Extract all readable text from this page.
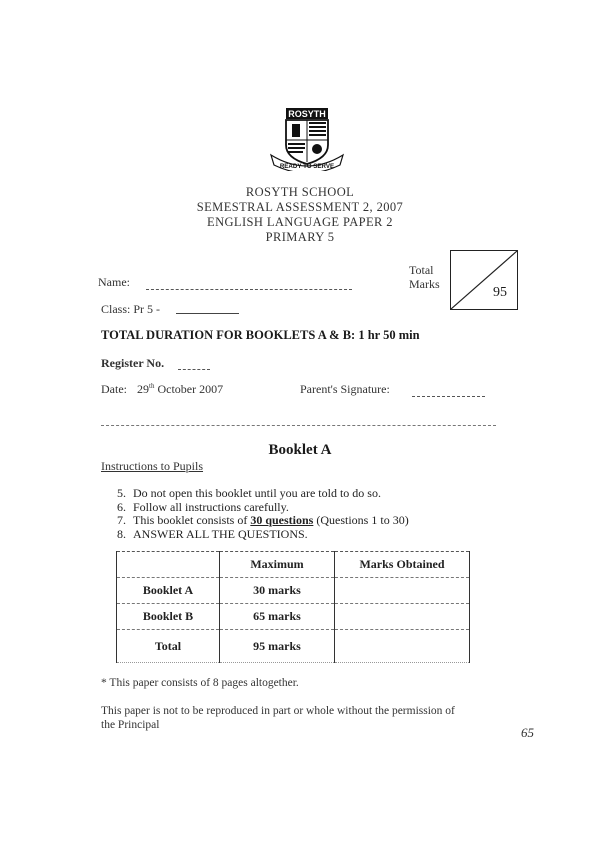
ROSYTH
READY TO SERVE
ROSYTH SCHOOL
SEMESTRAL ASSESSMENT 2, 2007
ENGLISH LANGUAGE PAPER 2
PRIMARY 5
Total
Marks
95
Name:
Class: Pr 5 -
TOTAL DURATION FOR BOOKLETS A & B: 1 hr 50 min
Register No.
Date: 29th October 2007	Parent's Signature:
Booklet A
Instructions to Pupils
5. Do not open this booklet until you are told to do so.
6. Follow all instructions carefully.
7. This booklet consists of 30 questions (Questions 1 to 30)
8. ANSWER ALL THE QUESTIONS.
	Maximum	Marks Obtained
Booklet A	30 marks	
Booklet B	65 marks	
Total	95 marks	
* This paper consists of 8 pages altogether.
This paper is not to be reproduced in part or whole without the permission of
the Principal	65
